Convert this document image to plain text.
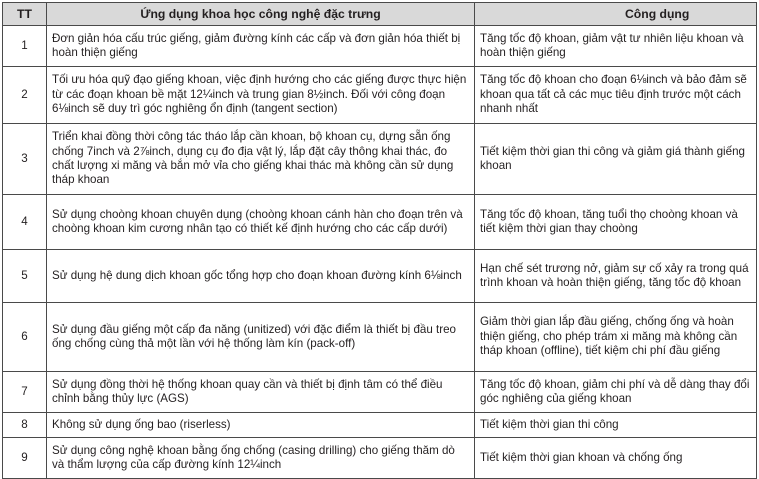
TT	Ứng dụng khoa học công nghệ đặc trưng	Công dụng
1	Đơn giản hóa cấu trúc giếng, giảm đường kính các cấp và đơn giản hóa thiết bị hoàn thiện giếng	Tăng tốc độ khoan, giảm vật tư nhiên liệu khoan và hoàn thiện giếng
2	Tối ưu hóa quỹ đạo giếng khoan, việc định hướng cho các giếng được thực hiện từ các đoạn khoan bề mặt 12¼inch và trung gian 8½inch. Đối với công đoạn 6⅛inch sẽ duy trì góc nghiêng ổn định (tangent section)	Tăng tốc độ khoan cho đoạn 6⅛inch và bảo đảm sẽ khoan qua tất cả các mục tiêu định trước một cách nhanh nhất
3	Triển khai đồng thời công tác tháo lắp cần khoan, bộ khoan cụ, dựng sẵn ống chống 7inch và 2⅞inch, dụng cụ đo địa vật lý, lắp đặt cây thông khai thác, đo chất lượng xi măng và bắn mở vỉa cho giếng khai thác mà không cần sử dụng tháp khoan	Tiết kiệm thời gian thi công và giảm giá thành giếng khoan
4	Sử dụng choòng khoan chuyên dụng (choòng khoan cánh hàn cho đoạn trên và choòng khoan kim cương nhân tạo có thiết kế định hướng cho các cấp dưới)	Tăng tốc độ khoan, tăng tuổi thọ choòng khoan và tiết kiệm thời gian thay choòng
5	Sử dụng hệ dung dịch khoan gốc tổng hợp cho đoạn khoan đường kính 6⅛inch	Hạn chế sét trương nở, giảm sự cố xảy ra trong quá trình khoan và hoàn thiện giếng, tăng tốc độ khoan
6	Sử dụng đầu giếng một cấp đa năng (unitized) với đặc điểm là thiết bị đầu treo ống chống cùng thả một lần với hệ thống làm kín (pack-off)	Giảm thời gian lắp đầu giếng, chống ống và hoàn thiện giếng, cho phép trám xi măng mà không cần tháp khoan (offline), tiết kiệm chi phí đầu giếng
7	Sử dụng đồng thời hệ thống khoan quay cần và thiết bị định tâm có thể điều chỉnh bằng thủy lực (AGS)	Tăng tốc độ khoan, giảm chi phí và dễ dàng thay đổi góc nghiêng của giếng khoan
8	Không sử dụng ống bao (riserless)	Tiết kiệm thời gian thi công
9	Sử dụng công nghệ khoan bằng ống chống (casing drilling) cho giếng thăm dò và thẩm lượng của cấp đường kính 12¼inch	Tiết kiệm thời gian khoan và chống ống
